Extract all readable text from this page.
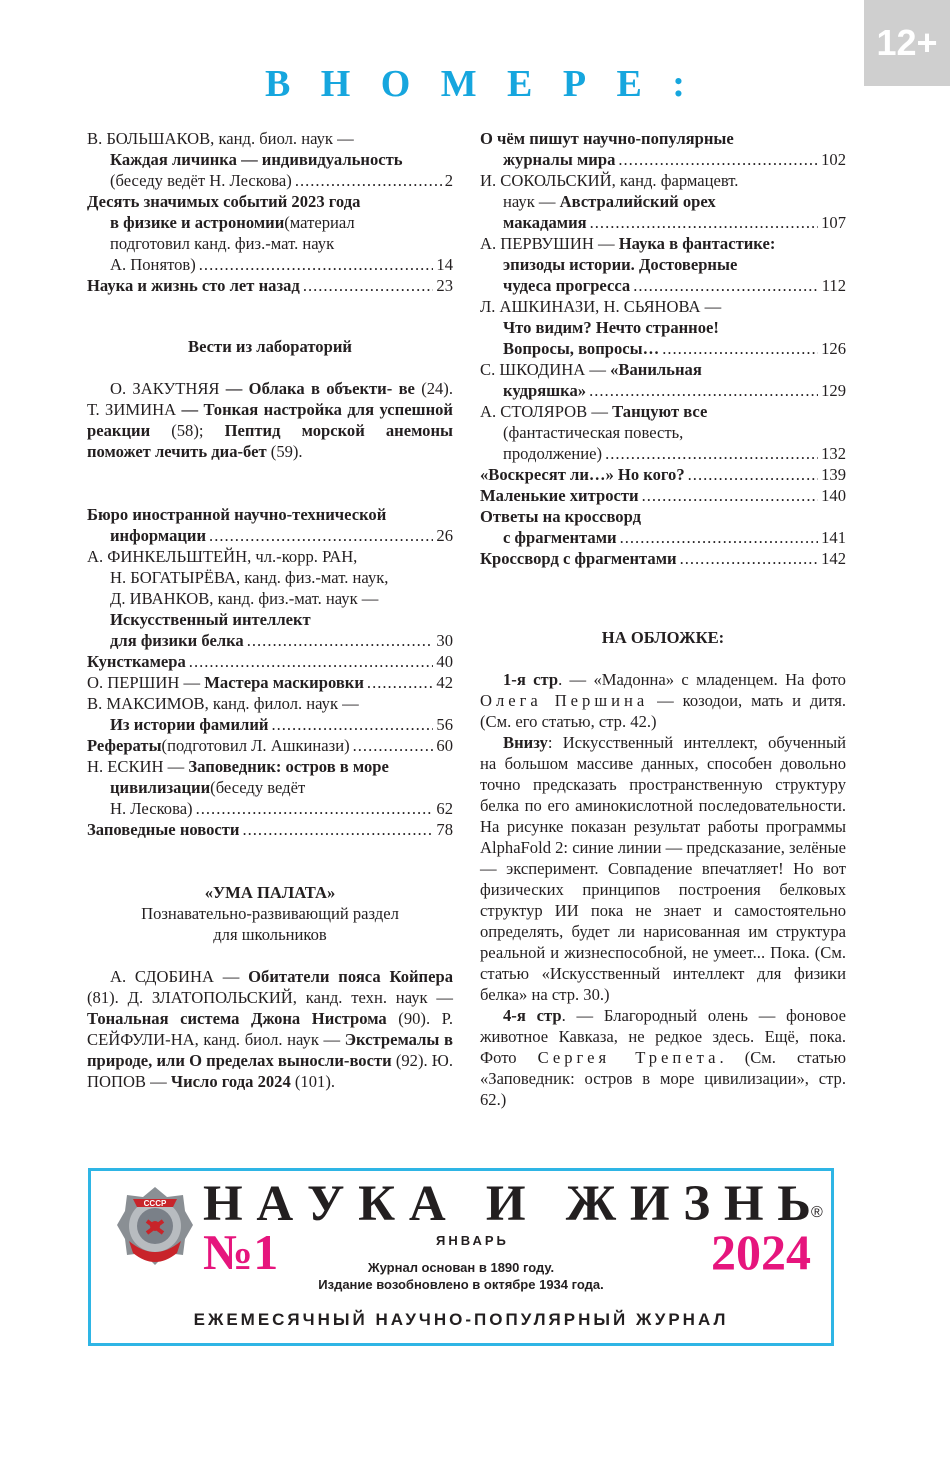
12+
В Н О М Е Р Е :
В. БОЛЬШАКОВ, канд. биол. наук —
Каждая личинка — индивидуальность
(беседу ведёт Н. Лескова) .....	2
Десять значимых событий 2023 года
в физике и астрономии (материал
подготовил канд. физ.-мат. наук
А. Понятов) .....	14
Наука и жизнь сто лет назад .....	23

Вести из лабораторий

О. ЗАКУТНЯЯ — Облака в объекти- ве (24). Т. ЗИМИНА — Тонкая настройка для успешной реакции (58); Пептид морской анемоны поможет лечить диа-бет (59).

Бюро иностранной научно-технической
информации .....	26
А. ФИНКЕЛЬШТЕЙН, чл.-корр. РАН,
Н. БОГАТЫРЁВА, канд. физ.-мат. наук,
Д. ИВАНКОВ, канд. физ.-мат. наук —
Искусственный интеллект
для физики белка .....	30
Кунсткамера .....	40
О. ПЕРШИН —
Мастера маскировки .....	42
В. МАКСИМОВ, канд. филол. наук —
Из истории фамилий .....	56
Рефераты (подготовил Л. Ашкинази) .....	60
Н. ЕСКИН —
Заповедник: остров в море
цивилизации (беседу ведёт
Н. Лескова) .....	62
Заповедные новости .....	78

«УМА ПАЛАТА»

Познавательно-развивающий раздел

для школьников

А. СДОБИНА — Обитатели пояса Койпера (81). Д. ЗЛАТОПОЛЬСКИЙ, канд. техн. наук — Тональная система Джона Нистрома (90). Р. СЕЙФУЛИ-НА, канд. биол. наук — Экстремалы в природе, или О пределах выносли-вости (92). Ю. ПОПОВ — Число года 2024 (101).

О чём пишут научно-популярные
журналы мира .....	102
И. СОКОЛЬСКИЙ, канд. фармацевт.
наук —
Австралийский орех
макадамия .....	107
А. ПЕРВУШИН —
Наука в фантастике:
эпизоды истории. Достоверные
чудеса прогресса .....	112
Л. АШКИНАЗИ, Н. СЬЯНОВА —
Что видим? Нечто странное!
Вопросы, вопросы… .....	126
С. ШКОДИНА —
«Ванильная
кудряшка» .....	129
А. СТОЛЯРОВ —
Танцуют все
(фантастическая повесть,
продолжение) .....	132
«Воскресят ли…» Но кого? .....	139
Маленькие хитрости .....	140
Ответы на кроссворд
с фрагментами .....	141
Кроссворд с фрагментами .....	142

НА ОБЛОЖКЕ:

1-я стр. — «Мадонна» с младенцем. На фото Олега Першина — козодои, мать и дитя. (См. его статью, стр. 42.)

Внизу: Искусственный интеллект, обученный на большом массиве данных, способен довольно точно предсказать пространственную структуру белка по его аминокислотной последовательности. На рисунке показан результат работы программы AlphaFold 2: синие линии — предсказание, зелёные — эксперимент. Совпадение впечатляет! Но вот физических принципов построения белковых структур ИИ пока не знает и самостоятельно определять, будет ли нарисованная им структура реальной и жизнеспособной, не умеет... Пока. (См. статью «Искусственный интеллект для физики белка» на стр. 30.)

4-я стр. — Благородный олень — фоновое животное Кавказа, не редкое здесь. Ещё, пока. Фото Сергея Трепета. (См. статью «Заповедник: остров в море цивилизации», стр. 62.)

СССР Н А У К А
И
Ж И З Н Ь ®
№1	ЯНВАРЬ	2024
Журнал основан в 1890 году.
Издание возобновлено в октябре 1934 года.
ЕЖЕМЕСЯЧНЫЙ НАУЧНО-ПОПУЛЯРНЫЙ ЖУРНАЛ
